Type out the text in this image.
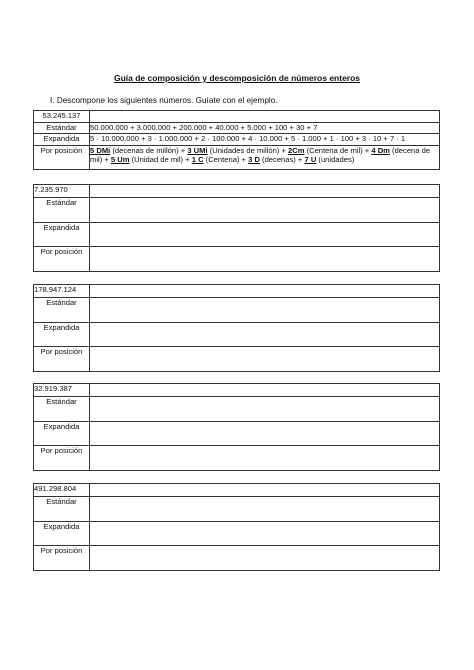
Guía de composición y descomposición de números enteros
I. Descompone los siguientes números. Guíate con el ejemplo.
53.245.137	
Estándar	50.000.000 + 3.000.000 + 200.000 + 40.000 + 5.000 + 100 + 30 + 7
Expandida	5 · 10.000.000 + 3 · 1.000.000 + 2 · 100.000 + 4 · 10.000 + 5 · 1.000 + 1 · 100 + 3 · 10 + 7 · 1
Por posición	5 DMi (decenas de millón) + 3 UMi (Unidades de millón) + 2Cm (Centena de mil) + 4 Dm (decena de mil) + 5 Um (Unidad de mil) + 1 C (Centena) + 3 D (decenas) + 7 U (unidades)
7.235.970	
Estándar	
Expandida	
Por posición	
178.947.124	
Estándar	
Expandida	
Por posición	
32.919.387	
Estándar	
Expandida	
Por posición	
491.298.804	
Estándar	
Expandida	
Por posición	
